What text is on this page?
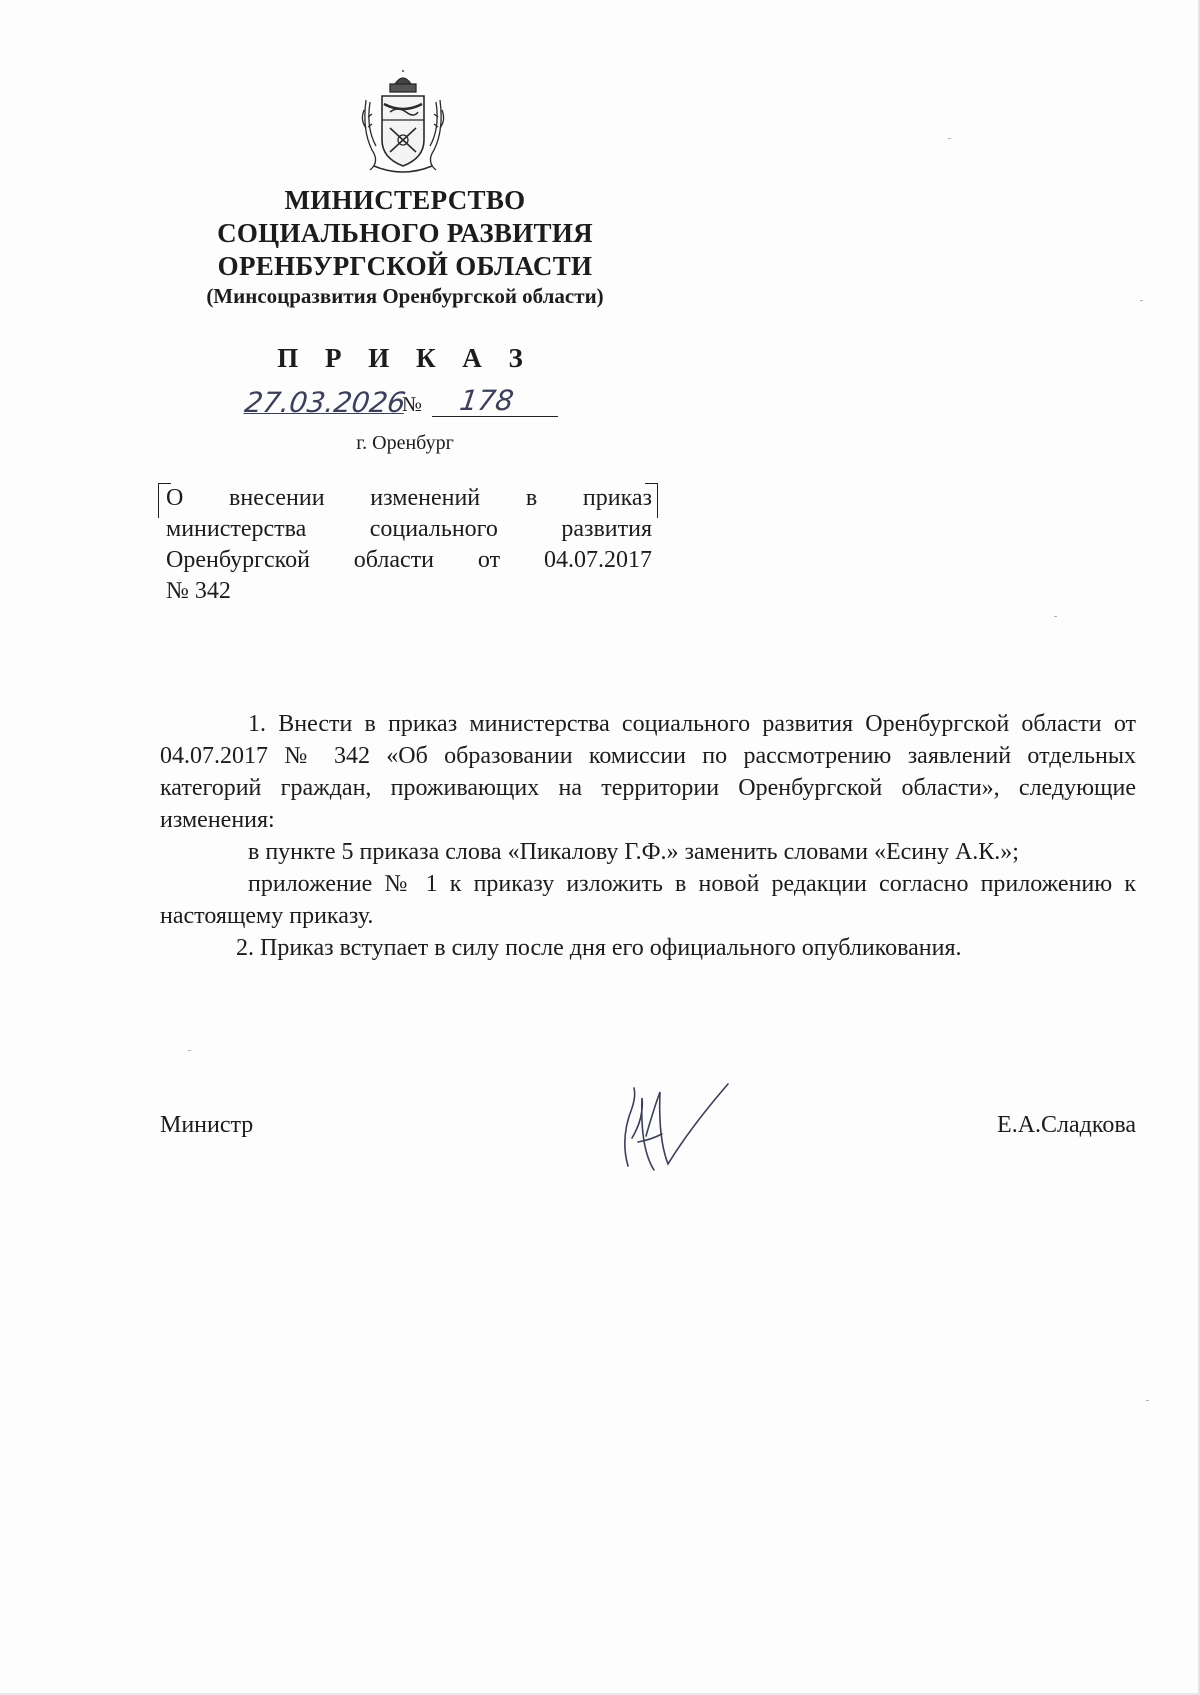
МИНИСТЕРСТВО
СОЦИАЛЬНОГО РАЗВИТИЯ
ОРЕНБУРГСКОЙ ОБЛАСТИ
(Минсоцразвития Оренбургской области)
П Р И К А З
27.03.2026
№ 178
г. Оренбург
О внесении изменений в приказ
министерства социального развития
Оренбургской области от 04.07.2017
№ 342

1. Внести в приказ министерства социального развития Оренбургской области от 04.07.2017 № 342 «Об образовании комиссии по рассмотрению заявлений отдельных категорий граждан, проживающих на территории Оренбургской области», следующие изменения:

в пункте 5 приказа слова «Пикалову Г.Ф.» заменить словами «Есину А.К.»;

приложение № 1 к приказу изложить в новой редакции согласно приложению к настоящему приказу.

2. Приказ вступает в силу после дня его официального опубликования.

Министр	Е.А.Сладкова
